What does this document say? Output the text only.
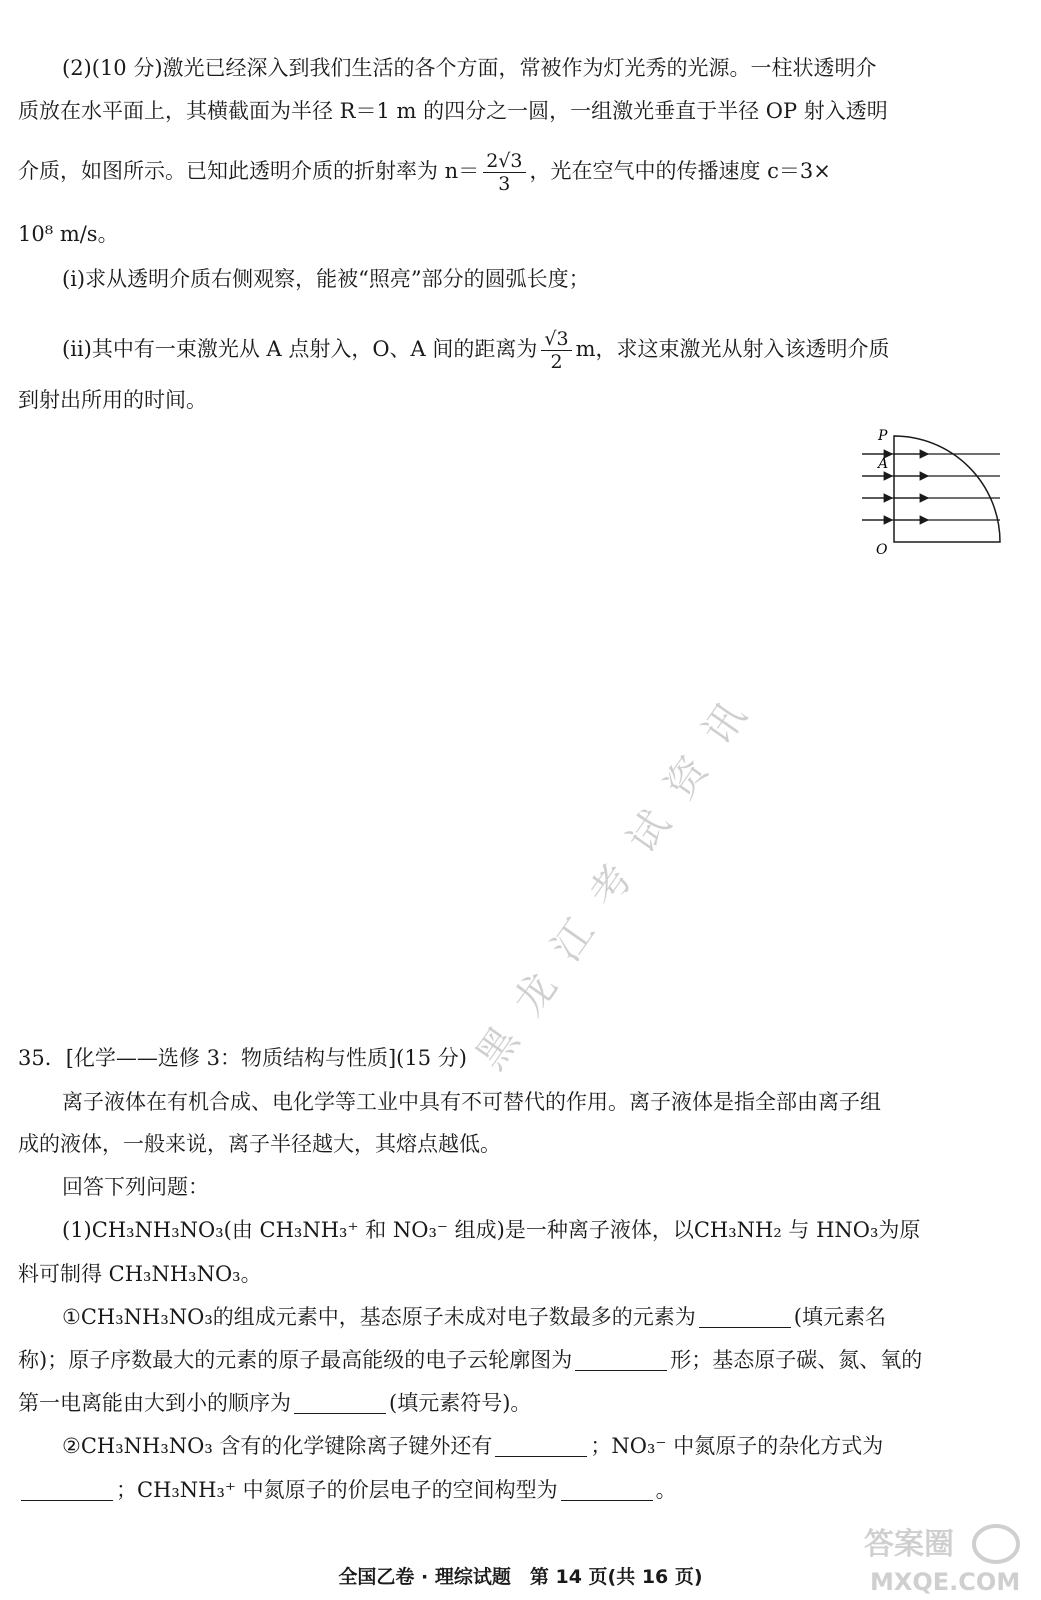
(2)(10 分)激光已经深入到我们生活的各个方面，常被作为灯光秀的光源。一柱状透明介
质放在水平面上，其横截面为半径 R＝1 m 的四分之一圆，一组激光垂直于半径 OP 射入透明
介质，如图所示。已知此透明介质的折射率为 $n= \frac{2√3}{3}$ ，光在空气中的传播速度 c＝3×
10⁸ m/s。
(ⅰ)求从透明介质右侧观察，能被“照亮”部分的圆弧长度；
(ⅱ)其中有一束激光从 A 点射入，O、A 间的距离为 $\frac{√3}{2}$ m，求这束激光从射入该透明介质
到射出所用的时间。
P
A
O
黑龙江考试资讯
35．[化学——选修 3：物质结构与性质](15 分)
离子液体在有机合成、电化学等工业中具有不可替代的作用。离子液体是指全部由离子组
成的液体，一般来说，离子半径越大，其熔点越低。
回答下列问题：
(1)CH₃NH₃NO₃(由 CH₃NH₃⁺ 和 NO₃⁻ 组成)是一种离子液体，以CH₃NH₂ 与 HNO₃为原
料可制得 CH₃NH₃NO₃。
①CH₃NH₃NO₃的组成元素中，基态原子未成对电子数最多的元素为	(填元素名
称)；原子序数最大的元素的原子最高能级的电子云轮廓图为	形；基态原子碳、氮、氧的
第一电离能由大到小的顺序为	(填元素符号)。
②CH₃NH₃NO₃ 含有的化学键除离子键外还有	；NO₃⁻ 中氮原子的杂化方式为
；CH₃NH₃⁺ 中氮原子的价层电子的空间构型为	。
全国乙卷 · 理综试题　第 14 页(共 16 页)
答案圈
MXQE.COM
